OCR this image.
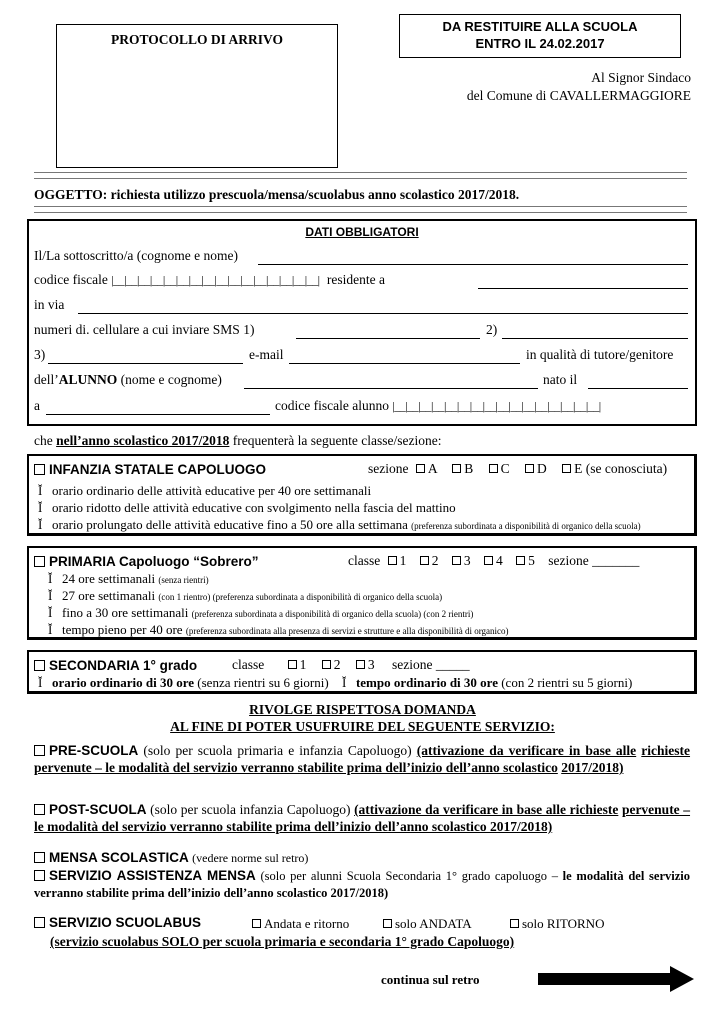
PROTOCOLLO DI ARRIVO
DA RESTITUIRE ALLA SCUOLA
ENTRO IL 24.02.2017
Al Signor Sindaco
del Comune di CAVALLERMAGGIORE
OGGETTO: richiesta utilizzo prescuola/mensa/scuolabus anno scolastico 2017/2018.
DATI OBBLIGATORI
Il/La sottoscritto/a (cognome e nome)
codice fiscale |__|__|__|__|__|__|__|__|__|__|__|__|__|__|__|__| residente a
in via
numeri di. cellulare a cui inviare SMS 1)	2)
3)	e-mail	in qualità di tutore/genitore
dell’ALUNNO (nome e cognome)	nato il
a	codice fiscale alunno |__|__|__|__|__|__|__|__|__|__|__|__|__|__|__|__|
che nell’anno scolastico 2017/2018 frequenterà la seguente classe/sezione:
INFANZIA STATALE CAPOLUOGO	sezione A B C D E (se conosciuta)
Ĭ orario ordinario delle attività educative per 40 ore settimanali
Ĭ orario ridotto delle attività educative con svolgimento nella fascia del mattino
Ĭ orario prolungato delle attività educative fino a 50 ore alla settimana (preferenza subordinata a disponibilità di organico della scuola)
PRIMARIA Capoluogo “Sobrero”	classe 1 2 3 4 5 sezione _______
Ĭ 24 ore settimanali (senza rientri)
Ĭ 27 ore settimanali (con 1 rientro) (preferenza subordinata a disponibilità di organico della scuola)
Ĭ fino a 30 ore settimanali (preferenza subordinata a disponibilità di organico della scuola) (con 2 rientri)
Ĭ tempo pieno per 40 ore (preferenza subordinata alla presenza di servizi e strutture e alla disponibilità di organico)
SECONDARIA 1° grado	classe	1 2 3 sezione _____
Ĭ orario ordinario di 30 ore (senza rientri su 6 giorni) Ĭ tempo ordinario di 30 ore (con 2 rientri su 5 giorni)
RIVOLGE RISPETTOSA DOMANDA
AL FINE DI POTER USUFRUIRE DEL SEGUENTE SERVIZIO:
PRE-SCUOLA (solo per scuola primaria e infanzia Capoluogo) (attivazione da verificare in base alle richieste pervenute – le modalità del servizio verranno stabilite prima dell’inizio dell’anno scolastico 2017/2018)
POST-SCUOLA (solo per scuola infanzia Capoluogo) (attivazione da verificare in base alle richieste pervenute – le modalità del servizio verranno stabilite prima dell’inizio dell’anno scolastico 2017/2018)
MENSA SCOLASTICA (vedere norme sul retro)
SERVIZIO ASSISTENZA MENSA (solo per alunni Scuola Secondaria 1° grado capoluogo – le modalità del servizio verranno stabilite prima dell’inizio dell’anno scolastico 2017/2018)
SERVIZIO SCUOLABUS	Andata e ritorno	solo ANDATA	solo RITORNO
(servizio scuolabus SOLO per scuola primaria e secondaria 1° grado Capoluogo)
continua sul retro
